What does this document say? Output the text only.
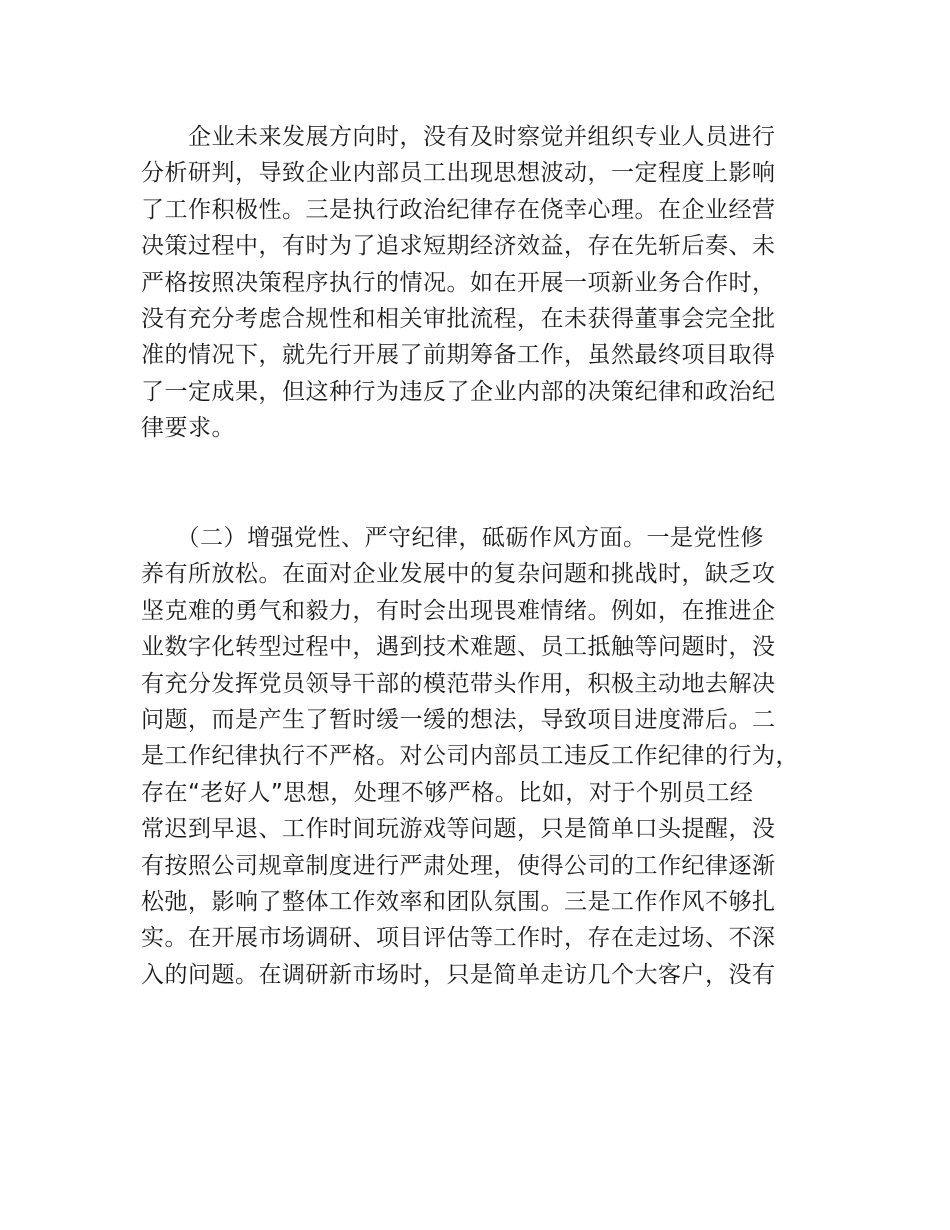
　　企业未来发展方向时，没有及时察觉并组织专业人员进行
分析研判，导致企业内部员工出现思想波动，一定程度上影响
了工作积极性。三是执行政治纪律存在侥幸心理。在企业经营
决策过程中，有时为了追求短期经济效益，存在先斩后奏、未
严格按照决策程序执行的情况。如在开展一项新业务合作时，
没有充分考虑合规性和相关审批流程，在未获得董事会完全批
准的情况下，就先行开展了前期筹备工作，虽然最终项目取得
了一定成果，但这种行为违反了企业内部的决策纪律和政治纪
律要求。
　　（二）增强党性、严守纪律，砥砺作风方面。一是党性修
养有所放松。在面对企业发展中的复杂问题和挑战时，缺乏攻
坚克难的勇气和毅力，有时会出现畏难情绪。例如，在推进企
业数字化转型过程中，遇到技术难题、员工抵触等问题时，没
有充分发挥党员领导干部的模范带头作用，积极主动地去解决
问题，而是产生了暂时缓一缓的想法，导致项目进度滞后。二
是工作纪律执行不严格。对公司内部员工违反工作纪律的行为，
存在“老好人”思想，处理不够严格。比如，对于个别员工经
常迟到早退、工作时间玩游戏等问题，只是简单口头提醒，没
有按照公司规章制度进行严肃处理，使得公司的工作纪律逐渐
松弛，影响了整体工作效率和团队氛围。三是工作作风不够扎
实。在开展市场调研、项目评估等工作时，存在走过场、不深
入的问题。在调研新市场时，只是简单走访几个大客户，没有
